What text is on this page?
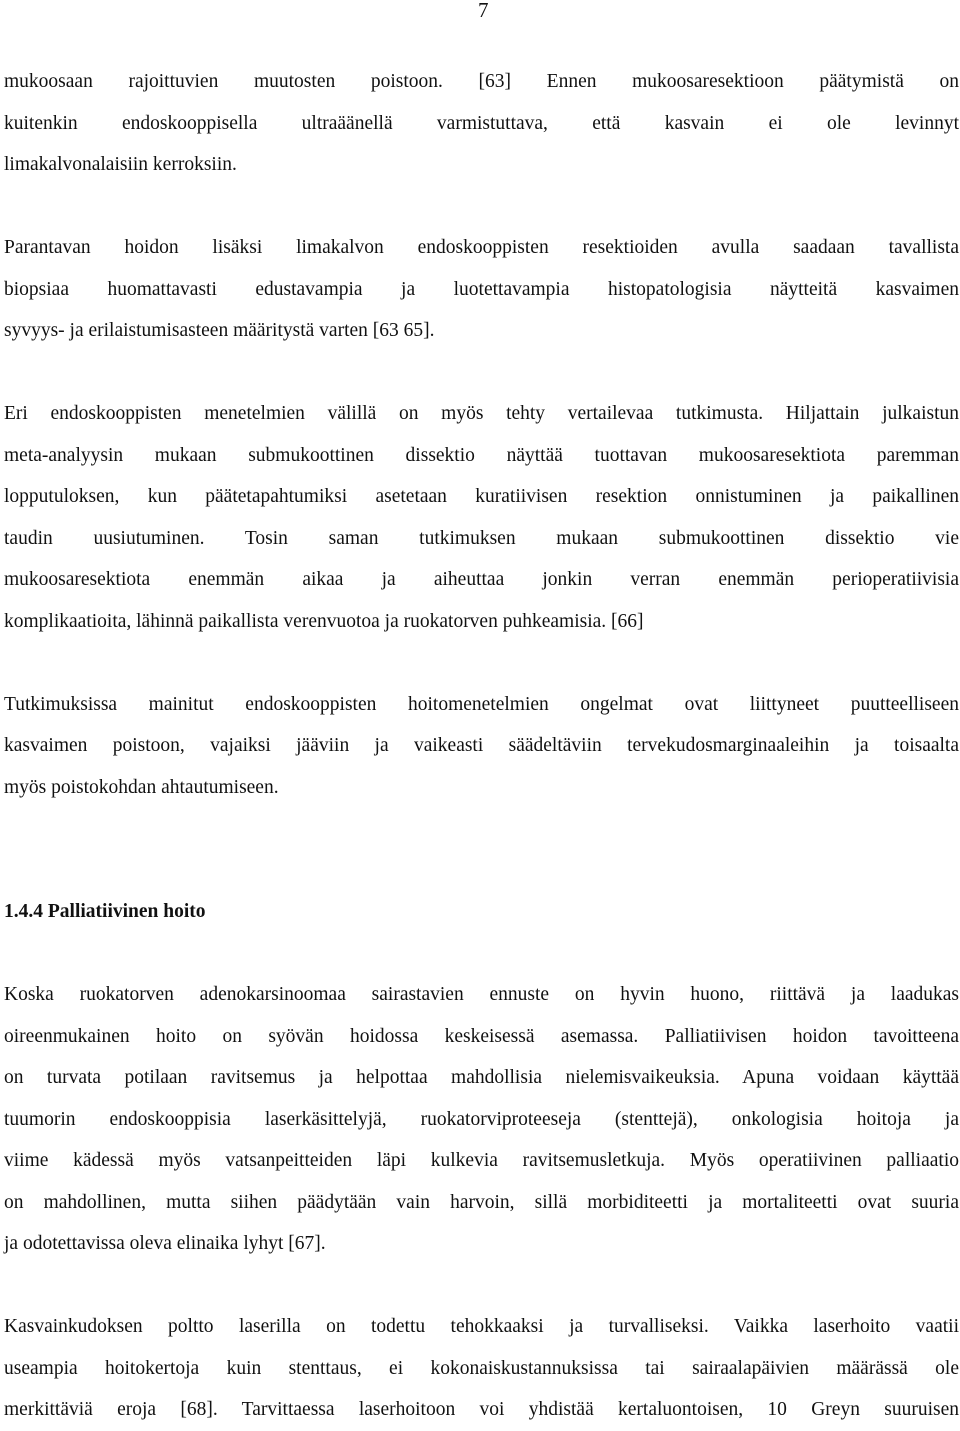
7

mukoosaan rajoittuvien muutosten poistoon. [63] Ennen mukoosaresektioon päätymistä on
kuitenkin endoskooppisella ultraäänellä varmistuttava, että kasvain ei ole levinnyt
limakalvonalaisiin kerroksiin.

Parantavan hoidon lisäksi limakalvon endoskooppisten resektioiden avulla saadaan tavallista
biopsiaa huomattavasti edustavampia ja luotettavampia histopatologisia näytteitä kasvaimen
syvyys- ja erilaistumisasteen määritystä varten [63 65].

Eri endoskooppisten menetelmien välillä on myös tehty vertailevaa tutkimusta. Hiljattain julkaistun
meta-analyysin mukaan submukoottinen dissektio näyttää tuottavan mukoosaresektiota paremman
lopputuloksen, kun päätetapahtumiksi asetetaan kuratiivisen resektion onnistuminen ja paikallinen
taudin uusiutuminen. Tosin saman tutkimuksen mukaan submukoottinen dissektio vie
mukoosaresektiota enemmän aikaa ja aiheuttaa jonkin verran enemmän perioperatiivisia
komplikaatioita, lähinnä paikallista verenvuotoa ja ruokatorven puhkeamisia. [66]

Tutkimuksissa mainitut endoskooppisten hoitomenetelmien ongelmat ovat liittyneet puutteelliseen
kasvaimen poistoon, vajaiksi jääviin ja vaikeasti säädeltäviin tervekudosmarginaaleihin ja toisaalta
myös poistokohdan ahtautumiseen.

1.4.4 Palliatiivinen hoito

Koska ruokatorven adenokarsinoomaa sairastavien ennuste on hyvin huono, riittävä ja laadukas
oireenmukainen hoito on syövän hoidossa keskeisessä asemassa. Palliatiivisen hoidon tavoitteena
on turvata potilaan ravitsemus ja helpottaa mahdollisia nielemisvaikeuksia. Apuna voidaan käyttää
tuumorin endoskooppisia laserkäsittelyjä, ruokatorviproteeseja (stenttejä), onkologisia hoitoja ja
viime kädessä myös vatsanpeitteiden läpi kulkevia ravitsemusletkuja. Myös operatiivinen palliaatio
on mahdollinen, mutta siihen päädytään vain harvoin, sillä morbiditeetti ja mortaliteetti ovat suuria
ja odotettavissa oleva elinaika lyhyt [67].

Kasvainkudoksen poltto laserilla on todettu tehokkaaksi ja turvalliseksi. Vaikka laserhoito vaatii
useampia hoitokertoja kuin stenttaus, ei kokonaiskustannuksissa tai sairaalapäivien määrässä ole
merkittäviä eroja [68]. Tarvittaessa laserhoitoon voi yhdistää kertaluontoisen, 10 Greyn suuruisen
